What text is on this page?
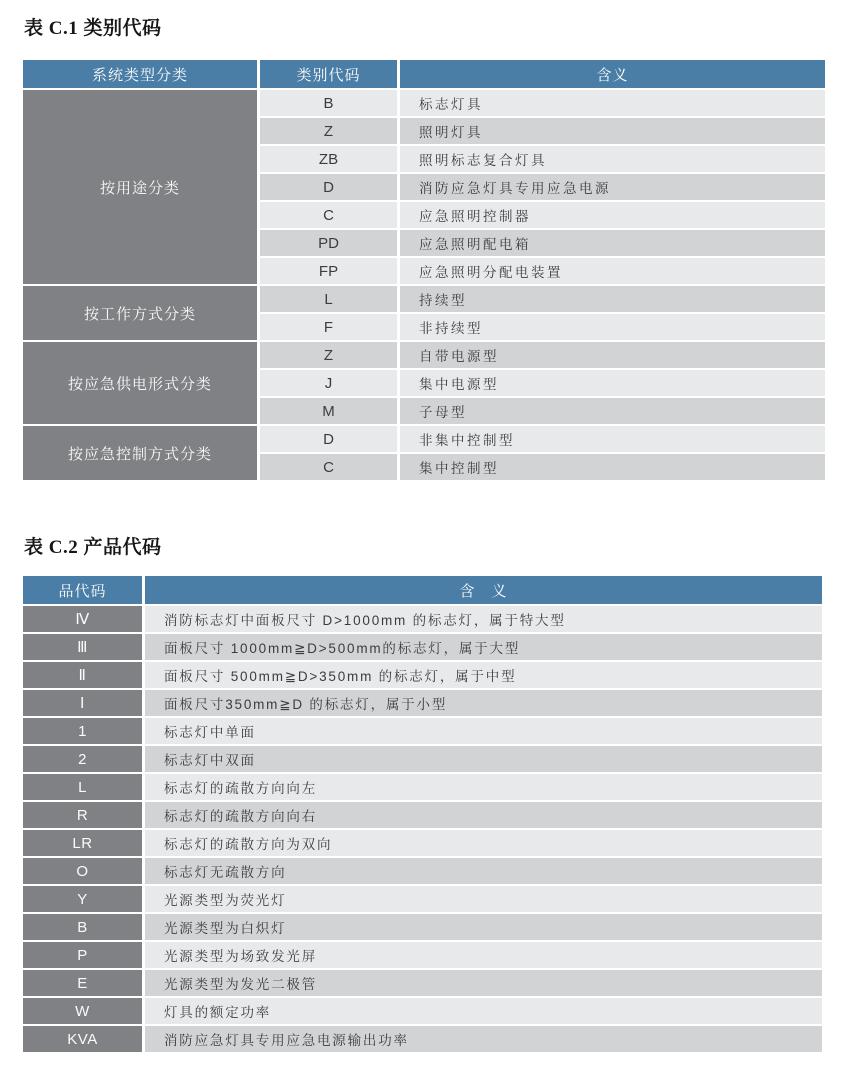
表 C.1 类别代码
系统类型分类	类别代码	含义
按用途分类	B	标志灯具
	Z	照明灯具
	ZB	照明标志复合灯具
	D	消防应急灯具专用应急电源
	C	应急照明控制器
	PD	应急照明配电箱
	FP	应急照明分配电装置
按工作方式分类	L	持续型
	F	非持续型
按应急供电形式分类	Z	自带电源型
	J	集中电源型
	M	子母型
按应急控制方式分类	D	非集中控制型
	C	集中控制型
表 C.2 产品代码
品代码	含　义
Ⅳ	消防标志灯中面板尺寸 D>1000mm 的标志灯，属于特大型
Ⅲ	面板尺寸 1000mm≧D>500mm的标志灯，属于大型
Ⅱ	面板尺寸 500mm≧D>350mm 的标志灯，属于中型
Ⅰ	面板尺寸350mm≧D 的标志灯，属于小型
1	标志灯中单面
2	标志灯中双面
L	标志灯的疏散方向向左
R	标志灯的疏散方向向右
LR	标志灯的疏散方向为双向
O	标志灯无疏散方向
Y	光源类型为荧光灯
B	光源类型为白炽灯
P	光源类型为场致发光屏
E	光源类型为发光二极管
W	灯具的额定功率
KVA	消防应急灯具专用应急电源输出功率
